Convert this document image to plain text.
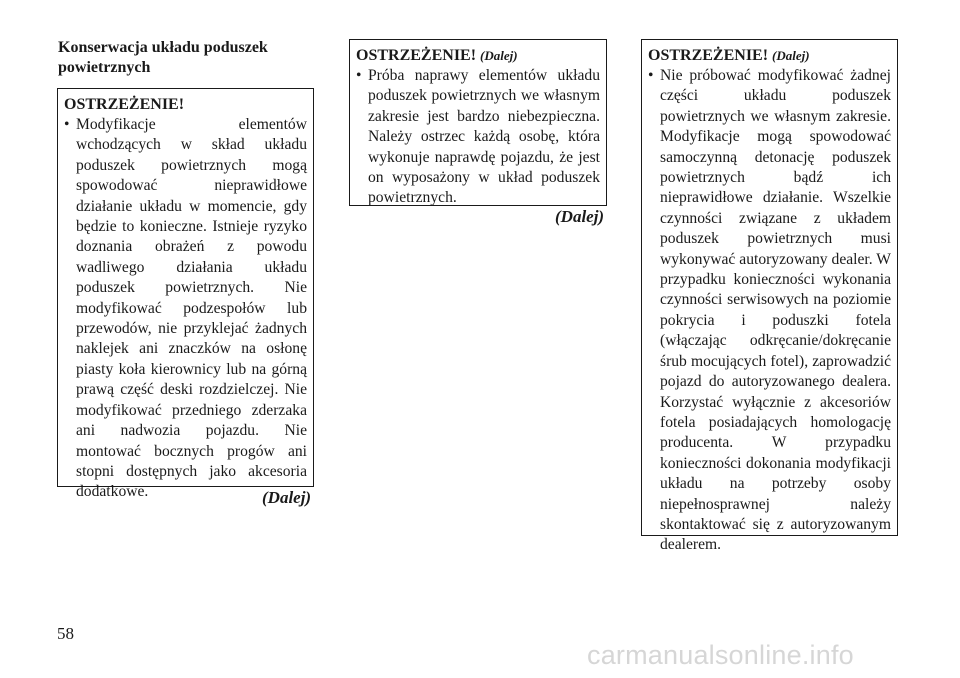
Konserwacja układu poduszek powietrznych
OSTRZEŻENIE!
• Modyfikacje elementów wchodzących w skład układu poduszek powietrznych mogą spowodować nieprawidłowe działanie układu w momencie, gdy będzie to konieczne. Istnieje ryzyko doznania obrażeń z powodu wadliwego działania układu poduszek powietrznych. Nie modyfikować podzespołów lub przewodów, nie przyklejać żadnych naklejek ani znaczków na osłonę piasty koła kierownicy lub na górną prawą część deski rozdzielczej. Nie modyfikować przedniego zderzaka ani nadwozia pojazdu. Nie montować bocznych progów ani stopni dostępnych jako akcesoria dodatkowe.	(Dalej)
OSTRZEŻENIE! (Dalej)
• Próba naprawy elementów układu poduszek powietrznych we własnym zakresie jest bardzo niebezpieczna. Należy ostrzec każdą osobę, która wykonuje naprawdę pojazdu, że jest on wyposażony w układ poduszek powietrznych.
(Dalej)
OSTRZEŻENIE! (Dalej)
• Nie próbować modyfikować żadnej części układu poduszek powietrznych we własnym zakresie. Modyfikacje mogą spowodować samoczynną detonację poduszek powietrznych bądź ich nieprawidłowe działanie. Wszelkie czynności związane z układem poduszek powietrznych musi wykonywać autoryzowany dealer. W przypadku konieczności wykonania czynności serwisowych na poziomie pokrycia i poduszki fotela (włączając odkręcanie/dokręcanie śrub mocujących fotel), zaprowadzić pojazd do autoryzowanego dealera. Korzystać wyłącznie z akcesoriów fotela posiadających homologację producenta. W przypadku konieczności dokonania modyfikacji układu na potrzeby osoby niepełnosprawnej należy skontaktować się z autoryzowanym dealerem.
58
carmanualsonline.info
